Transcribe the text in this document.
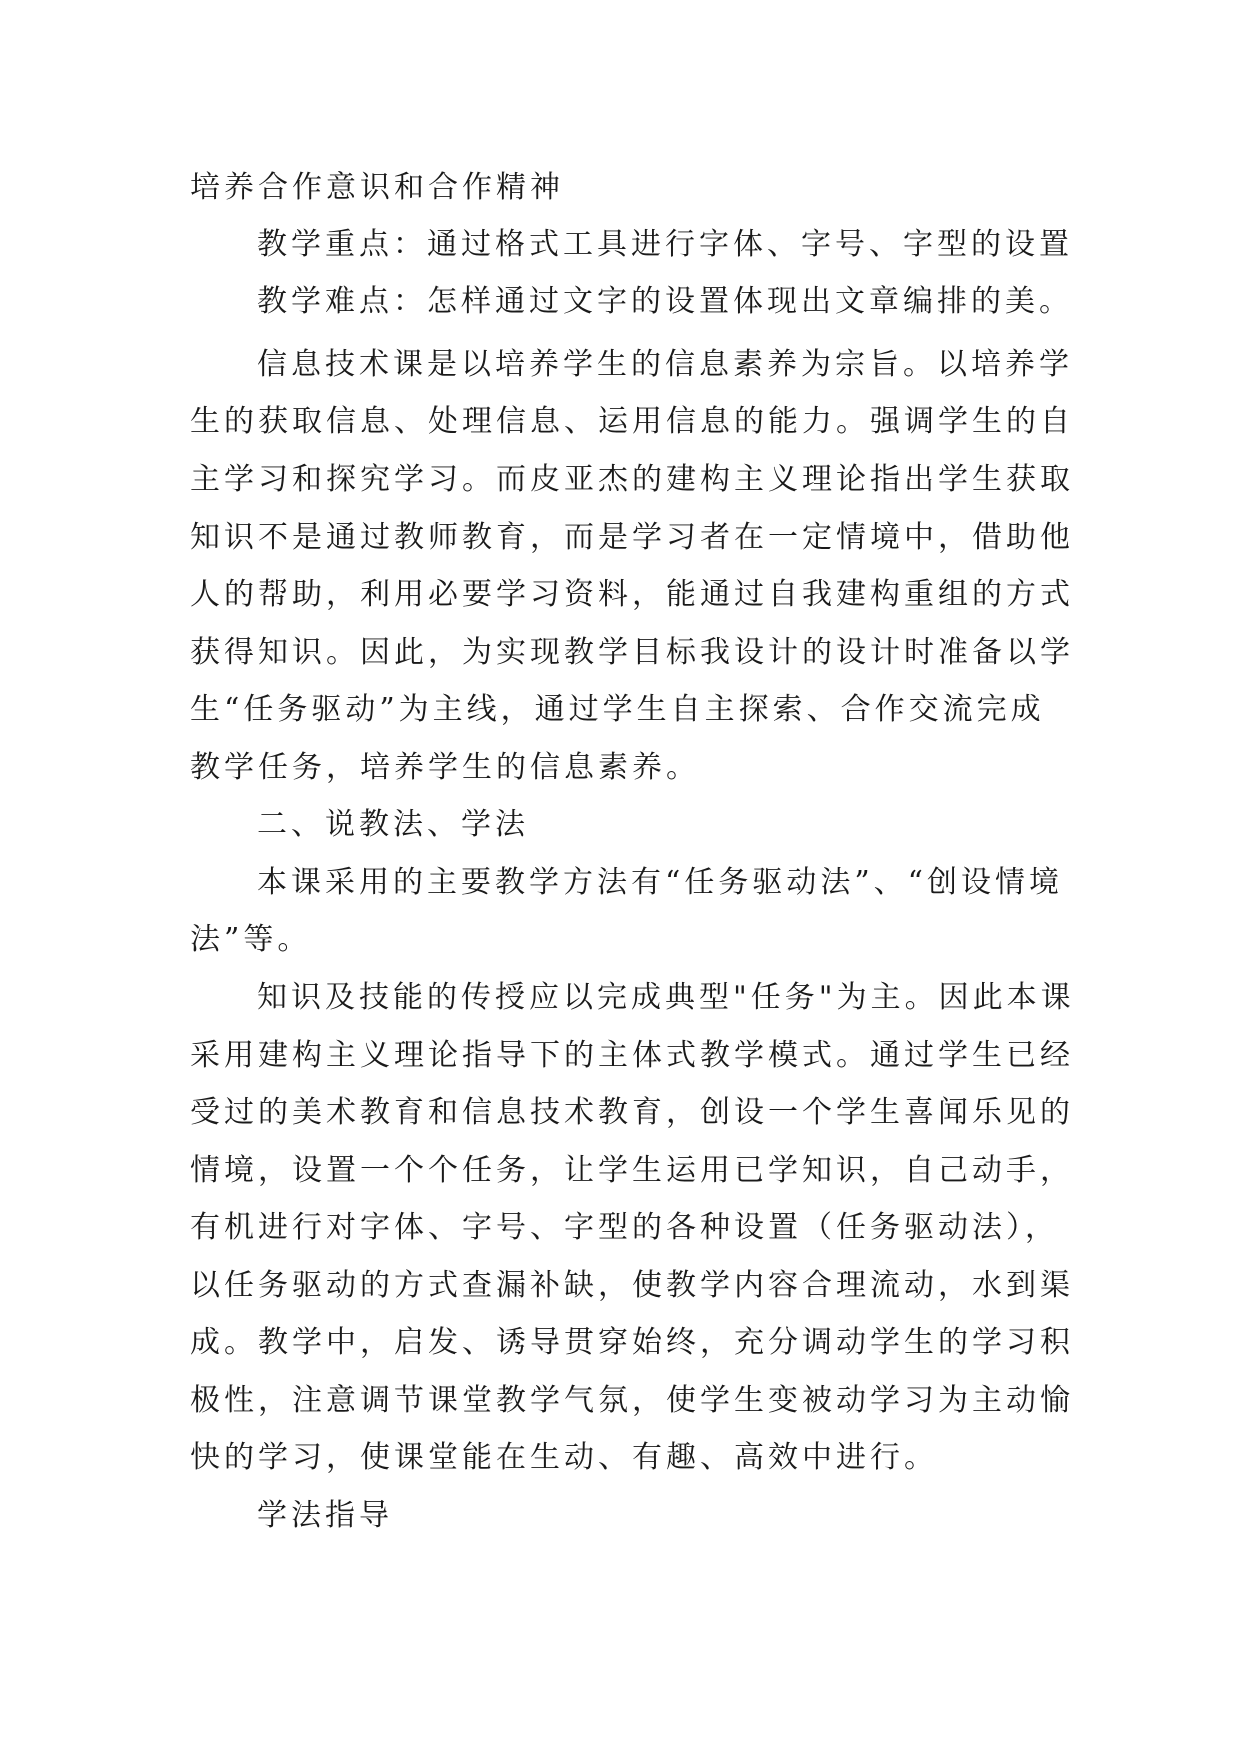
培养合作意识和合作精神

教学重点：通过格式工具进行字体、字号、字型的设置

教学难点：怎样通过文字的设置体现出文章编排的美。

信息技术课是以培养学生的信息素养为宗旨。以培养学

生的获取信息、处理信息、运用信息的能力。强调学生的自

主学习和探究学习。而皮亚杰的建构主义理论指出学生获取

知识不是通过教师教育，而是学习者在一定情境中，借助他

人的帮助，利用必要学习资料，能通过自我建构重组的方式

获得知识。因此，为实现教学目标我设计的设计时准备以学

生“任务驱动”为主线，通过学生自主探索、合作交流完成

教学任务，培养学生的信息素养。

二、说教法、学法

本课采用的主要教学方法有“任务驱动法”、“创设情境

法”等。

知识及技能的传授应以完成典型"任务"为主。因此本课

采用建构主义理论指导下的主体式教学模式。通过学生已经

受过的美术教育和信息技术教育，创设一个学生喜闻乐见的

情境，设置一个个任务，让学生运用已学知识，自己动手，

有机进行对字体、字号、字型的各种设置（任务驱动法），

以任务驱动的方式查漏补缺，使教学内容合理流动，水到渠

成。教学中，启发、诱导贯穿始终，充分调动学生的学习积

极性，注意调节课堂教学气氛，使学生变被动学习为主动愉

快的学习，使课堂能在生动、有趣、高效中进行。

学法指导
